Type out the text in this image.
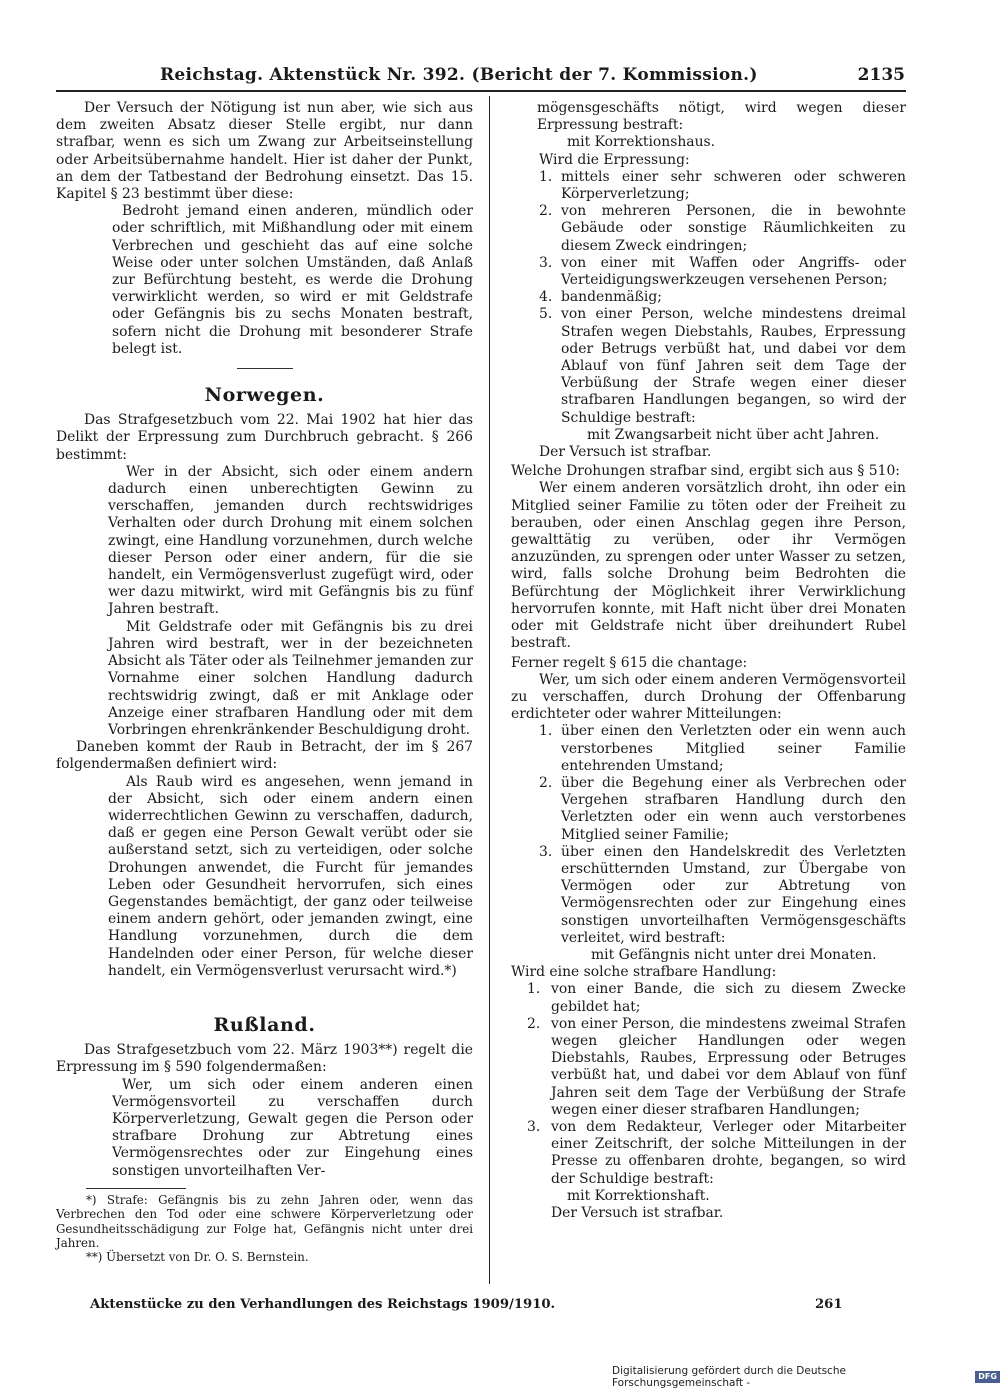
Reichstag. Aktenstück Nr. 392. (Bericht der 7. Kommission.)	2135

Der Versuch der Nötigung ist nun aber, wie sich aus dem zweiten Absatz dieser Stelle ergibt, nur dann strafbar, wenn es sich um Zwang zur Arbeitseinstellung oder Arbeitsübernahme handelt. Hier ist daher der Punkt, an dem der Tatbestand der Bedrohung einsetzt. Das 15. Kapitel § 23 bestimmt über diese:

Bedroht jemand einen anderen, mündlich oder oder schriftlich, mit Mißhandlung oder mit einem Verbrechen und geschieht das auf eine solche Weise oder unter solchen Umständen, daß Anlaß zur Befürchtung besteht, es werde die Drohung verwirklicht werden, so wird er mit Geldstrafe oder Gefängnis bis zu sechs Monaten bestraft, sofern nicht die Drohung mit besonderer Strafe belegt ist.

Norwegen.

Das Strafgesetzbuch vom 22. Mai 1902 hat hier das Delikt der Erpressung zum Durchbruch gebracht. § 266 bestimmt:

Wer in der Absicht, sich oder einem andern dadurch einen unberechtigten Gewinn zu verschaffen, jemanden durch rechtswidriges Verhalten oder durch Drohung mit einem solchen zwingt, eine Handlung vorzunehmen, durch welche dieser Person oder einer andern, für die sie handelt, ein Vermögensverlust zugefügt wird, oder wer dazu mitwirkt, wird mit Gefängnis bis zu fünf Jahren bestraft.

Mit Geldstrafe oder mit Gefängnis bis zu drei Jahren wird bestraft, wer in der bezeichneten Absicht als Täter oder als Teilnehmer jemanden zur Vornahme einer solchen Handlung dadurch rechtswidrig zwingt, daß er mit Anklage oder Anzeige einer strafbaren Handlung oder mit dem Vorbringen ehrenkränkender Beschuldigung droht.

Daneben kommt der Raub in Betracht, der im § 267 folgendermaßen definiert wird:

Als Raub wird es angesehen, wenn jemand in der Absicht, sich oder einem andern einen widerrechtlichen Gewinn zu verschaffen, dadurch, daß er gegen eine Person Gewalt verübt oder sie außerstand setzt, sich zu verteidigen, oder solche Drohungen anwendet, die Furcht für jemandes Leben oder Gesundheit hervorrufen, sich eines Gegenstandes bemächtigt, der ganz oder teilweise einem andern gehört, oder jemanden zwingt, eine Handlung vorzunehmen, durch die dem Handelnden oder einer Person, für welche dieser handelt, ein Vermögensverlust verursacht wird.*)

Rußland.

Das Strafgesetzbuch vom 22. März 1903**) regelt die Erpressung im § 590 folgendermaßen:

Wer, um sich oder einem anderen einen Vermögensvorteil zu verschaffen durch Körperverletzung, Gewalt gegen die Person oder strafbare Drohung zur Abtretung eines Vermögensrechtes oder zur Eingehung eines sonstigen unvorteilhaften Ver-

*) Strafe: Gefängnis bis zu zehn Jahren oder, wenn das Verbrechen den Tod oder eine schwere Körperverletzung oder Gesundheitsschädigung zur Folge hat, Gefängnis nicht unter drei Jahren.

**) Übersetzt von Dr. O. S. Bernstein.

mögensgeschäfts nötigt, wird wegen dieser Erpressung bestraft:

mit Korrektionshaus.

Wird die Erpressung:

1. mittels einer sehr schweren oder schweren Körperverletzung;
2. von mehreren Personen, die in bewohnte Gebäude oder sonstige Räumlichkeiten zu diesem Zweck eindringen;
3. von einer mit Waffen oder Angriffs- oder Verteidigungswerkzeugen versehenen Person;
4. bandenmäßig;
5. von einer Person, welche mindestens dreimal Strafen wegen Diebstahls, Raubes, Erpressung oder Betrugs verbüßt hat, und dabei vor dem Ablauf von fünf Jahren seit dem Tage der Verbüßung der Strafe wegen einer dieser strafbaren Handlungen begangen, so wird der Schuldige bestraft:

mit Zwangsarbeit nicht über acht Jahren.

Der Versuch ist strafbar.

Welche Drohungen strafbar sind, ergibt sich aus § 510:

Wer einem anderen vorsätzlich droht, ihn oder ein Mitglied seiner Familie zu töten oder der Freiheit zu berauben, oder einen Anschlag gegen ihre Person, gewalttätig zu verüben, oder ihr Vermögen anzuzünden, zu sprengen oder unter Wasser zu setzen, wird, falls solche Drohung beim Bedrohten die Befürchtung der Möglichkeit ihrer Verwirklichung hervorrufen konnte, mit Haft nicht über drei Monaten oder mit Geldstrafe nicht über dreihundert Rubel bestraft.

Ferner regelt § 615 die chantage:

Wer, um sich oder einem anderen Vermögensvorteil zu verschaffen, durch Drohung der Offenbarung erdichteter oder wahrer Mitteilungen:

1. über einen den Verletzten oder ein wenn auch verstorbenes Mitglied seiner Familie entehrenden Umstand;
2. über die Begehung einer als Verbrechen oder Vergehen strafbaren Handlung durch den Verletzten oder ein wenn auch verstorbenes Mitglied seiner Familie;
3. über einen den Handelskredit des Verletzten erschütternden Umstand, zur Übergabe von Vermögen oder zur Abtretung von Vermögensrechten oder zur Eingehung eines sonstigen unvorteilhaften Vermögensgeschäfts verleitet, wird bestraft:

mit Gefängnis nicht unter drei Monaten.

Wird eine solche strafbare Handlung:

1. von einer Bande, die sich zu diesem Zwecke gebildet hat;
2. von einer Person, die mindestens zweimal Strafen wegen gleicher Handlungen oder wegen Diebstahls, Raubes, Erpressung oder Betruges verbüßt hat, und dabei vor dem Ablauf von fünf Jahren seit dem Tage der Verbüßung der Strafe wegen einer dieser strafbaren Handlungen;
3. von dem Redakteur, Verleger oder Mitarbeiter einer Zeitschrift, der solche Mitteilungen in der Presse zu offenbaren drohte, begangen, so wird der Schuldige bestraft:

mit Korrektionshaft.

Der Versuch ist strafbar.

Aktenstücke zu den Verhandlungen des Reichstags 1909/1910.	261
Digitalisierung gefördert durch die Deutsche Forschungsgemeinschaft -
DFG
